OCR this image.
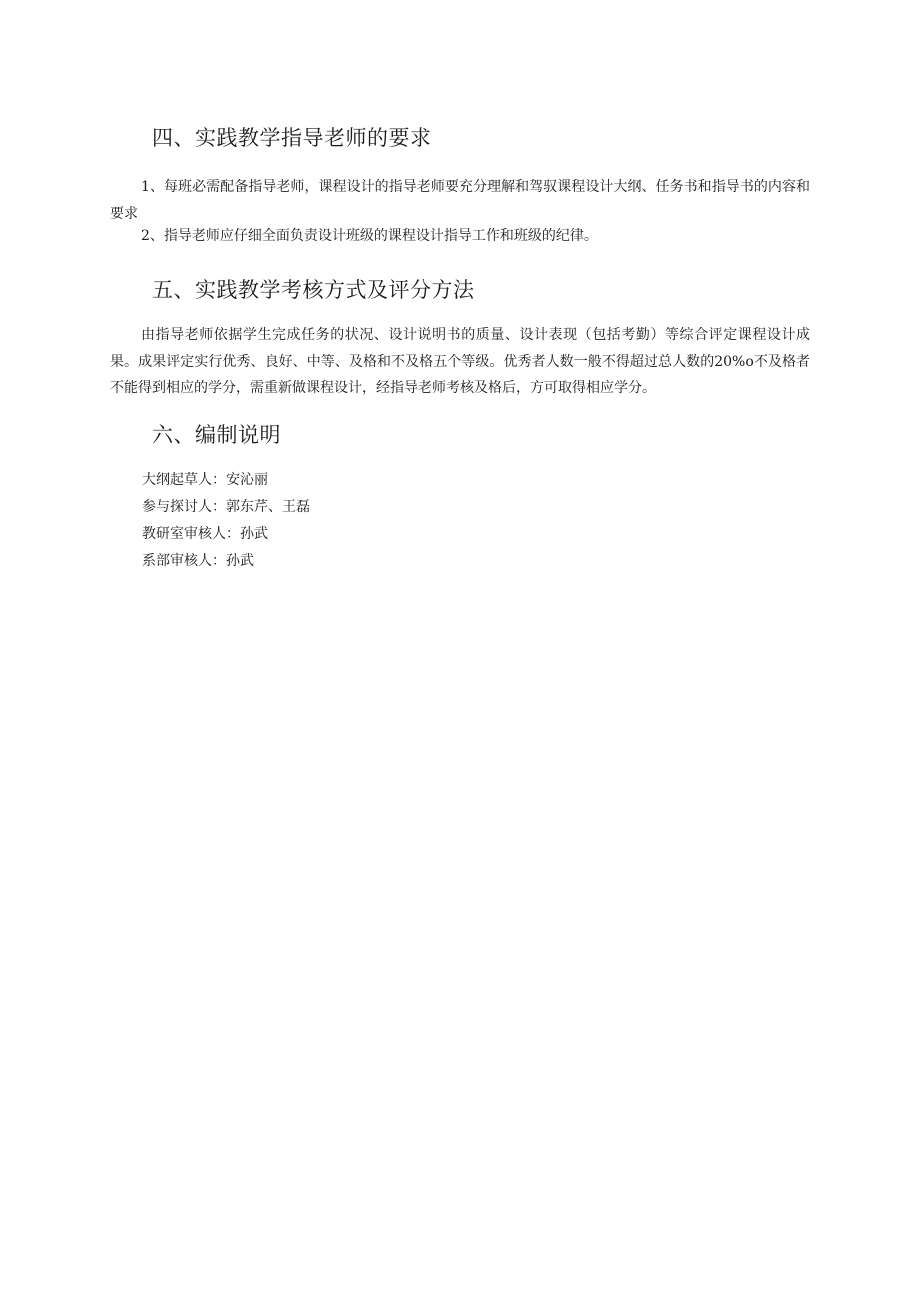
四、实践教学指导老师的要求

1、每班必需配备指导老师，课程设计的指导老师要充分理解和驾驭课程设计大纲、任务书和指导书的内容和要求

2、指导老师应仔细全面负责设计班级的课程设计指导工作和班级的纪律。

五、实践教学考核方式及评分方法

由指导老师依据学生完成任务的状况、设计说明书的质量、设计表现（包括考勤）等综合评定课程设计成果。成果评定实行优秀、良好、中等、及格和不及格五个等级。优秀者人数一般不得超过总人数的20%o不及格者不能得到相应的学分，需重新做课程设计，经指导老师考核及格后，方可取得相应学分。

六、编制说明
大纲起草人：安沁丽
参与探讨人：郭东芹、王磊
教研室审核人：孙武
系部审核人：孙武
